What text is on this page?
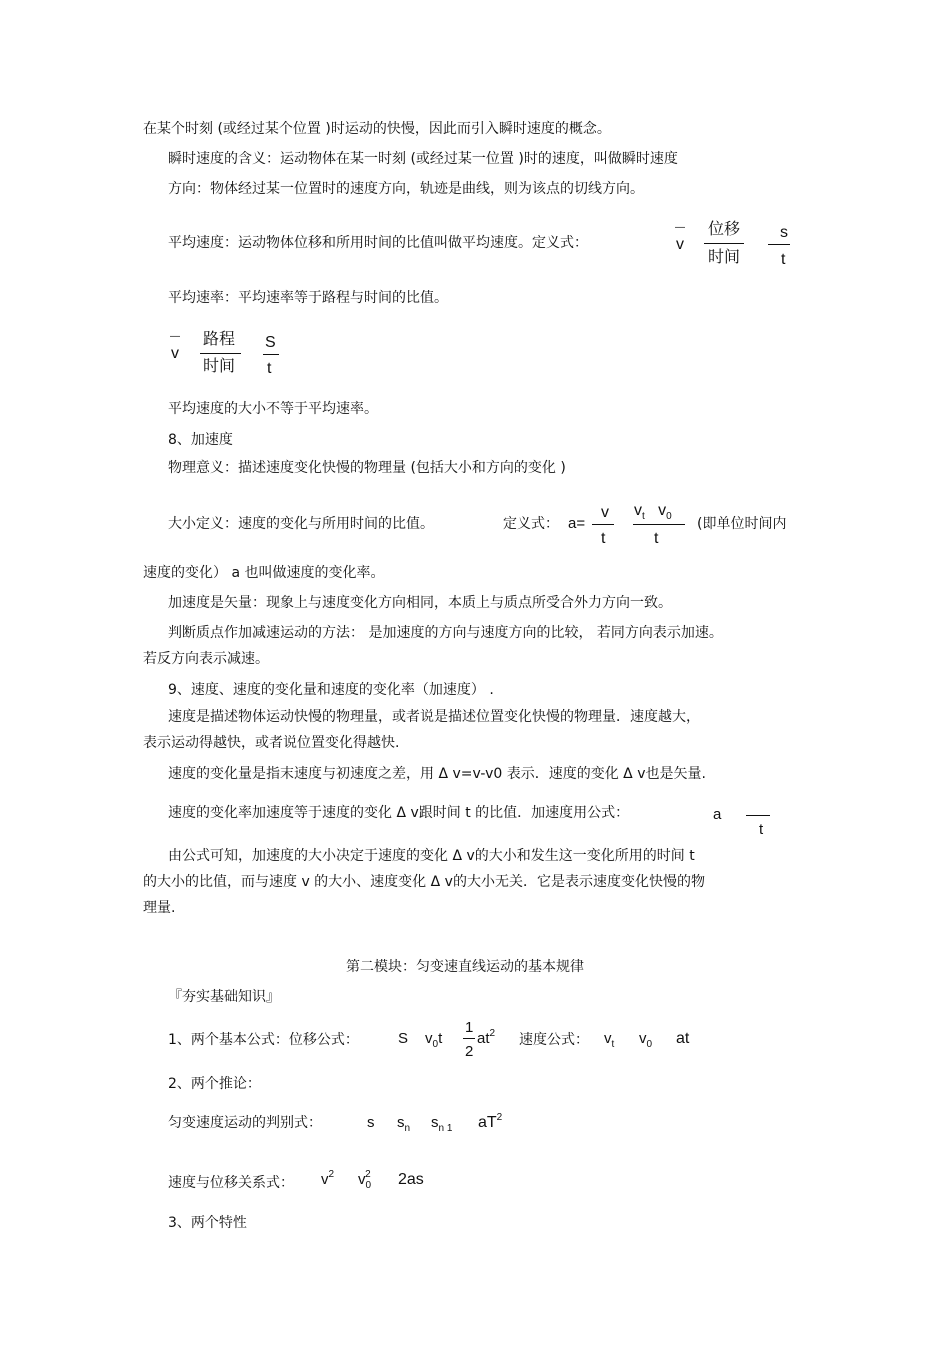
在某个时刻 (或经过某个位置 )时运动的快慢，因此而引入瞬时速度的概念。
瞬时速度的含义：运动物体在某一时刻 (或经过某一位置 )时的速度，叫做瞬时速度
方向：物体经过某一位置时的速度方向，轨迹是曲线，则为该点的切线方向。
平均速度：运动物体位移和所用时间的比值叫做平均速度。定义式：
—
v
位移
时间
s
t
平均速率：平均速率等于路程与时间的比值。
—
v
路程
时间
S
t
平均速度的大小不等于平均速率。
8、加速度
物理意义：描述速度变化快慢的物理量 (包括大小和方向的变化 )
大小定义：速度的变化与所用时间的比值。	定义式： a=
v
t
$v_t$ $v_0$
t
(即单位时间内
速度的变化） a 也叫做速度的变化率。
加速度是矢量：现象上与速度变化方向相同，本质上与质点所受合外力方向一致。
判断质点作加减速运动的方法： 是加速度的方向与速度方向的比较， 若同方向表示加速。
若反方向表示减速。
9、速度、速度的变化量和速度的变化率（加速度） .
速度是描述物体运动快慢的物理量，或者说是描述位置变化快慢的物理量．速度越大，
表示运动得越快，或者说位置变化得越快.
速度的变化量是指末速度与初速度之差，用 Δ v=v-v0 表示．速度的变化 Δ v也是矢量.
速度的变化率加速度等于速度的变化 Δ v跟时间 t 的比值．加速度用公式：	a
t
由公式可知，加速度的大小决定于速度的变化 Δ v的大小和发生这一变化所用的时间 t
的大小的比值，而与速度 v 的大小、速度变化 Δ v的大小无关．它是表示速度变化快慢的物
理量.
第二模块：匀变速直线运动的基本规律
『夯实基础知识』
1、两个基本公式：位移公式：	S $v_0t$
1
2
$at^2$ 速度公式： $v_t$ $v_0$ at
2、两个推论：
匀变速度运动的判别式：	s $s_n$ $s_{n 1}$ $aT^2$
速度与位移关系式： $v^2$ $v_0^2$ 2as
3、两个特性
